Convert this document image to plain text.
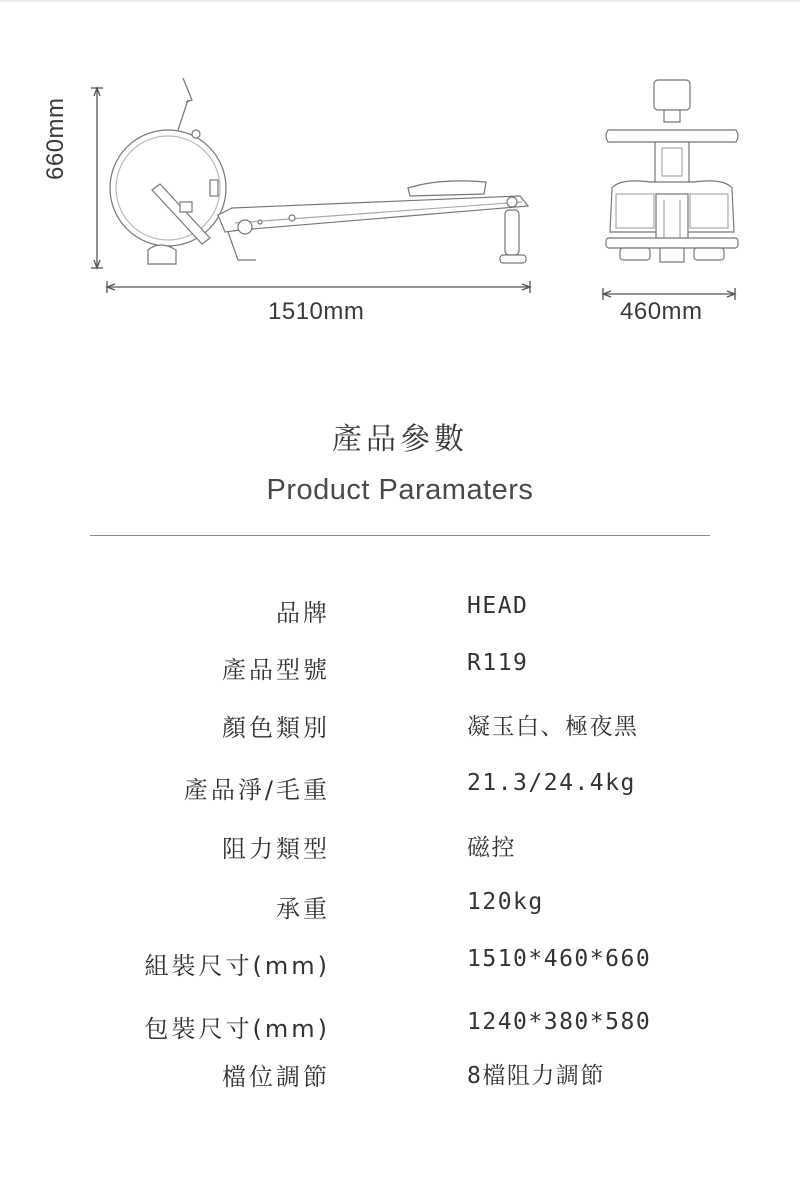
660mm
1510mm	460mm
產品參數
Product Paramaters
品牌	HEAD
產品型號	R119
顏色類別	凝玉白、極夜黑
產品淨/毛重	21.3/24.4kg
阻力類型	磁控
承重	120kg
組裝尺寸(mm)	1510*460*660
包裝尺寸(mm)	1240*380*580
檔位調節	8檔阻力調節
